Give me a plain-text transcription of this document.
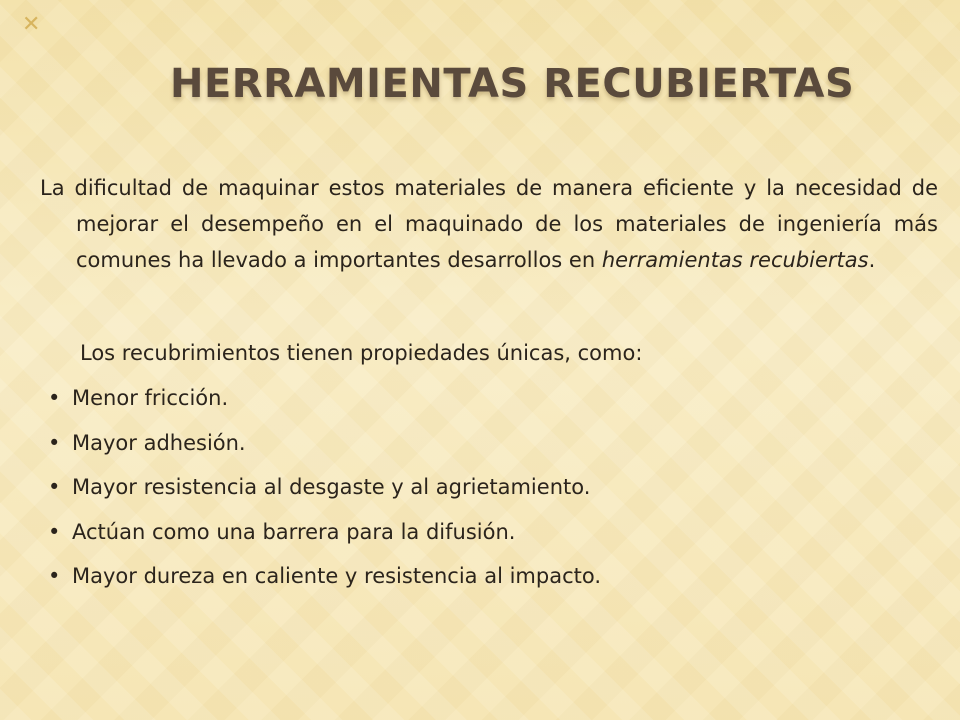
✕
HERRAMIENTAS RECUBIERTAS

La dificultad de maquinar estos materiales de manera eficiente y la necesidad de mejorar el desempeño en el maquinado de los materiales de ingeniería más comunes ha llevado a importantes desarrollos en herramientas recubiertas.

Los recubrimientos tienen propiedades únicas, como:

• Menor fricción.
• Mayor adhesión.
• Mayor resistencia al desgaste y al agrietamiento.
• Actúan como una barrera para la difusión.
• Mayor dureza en caliente y resistencia al impacto.
